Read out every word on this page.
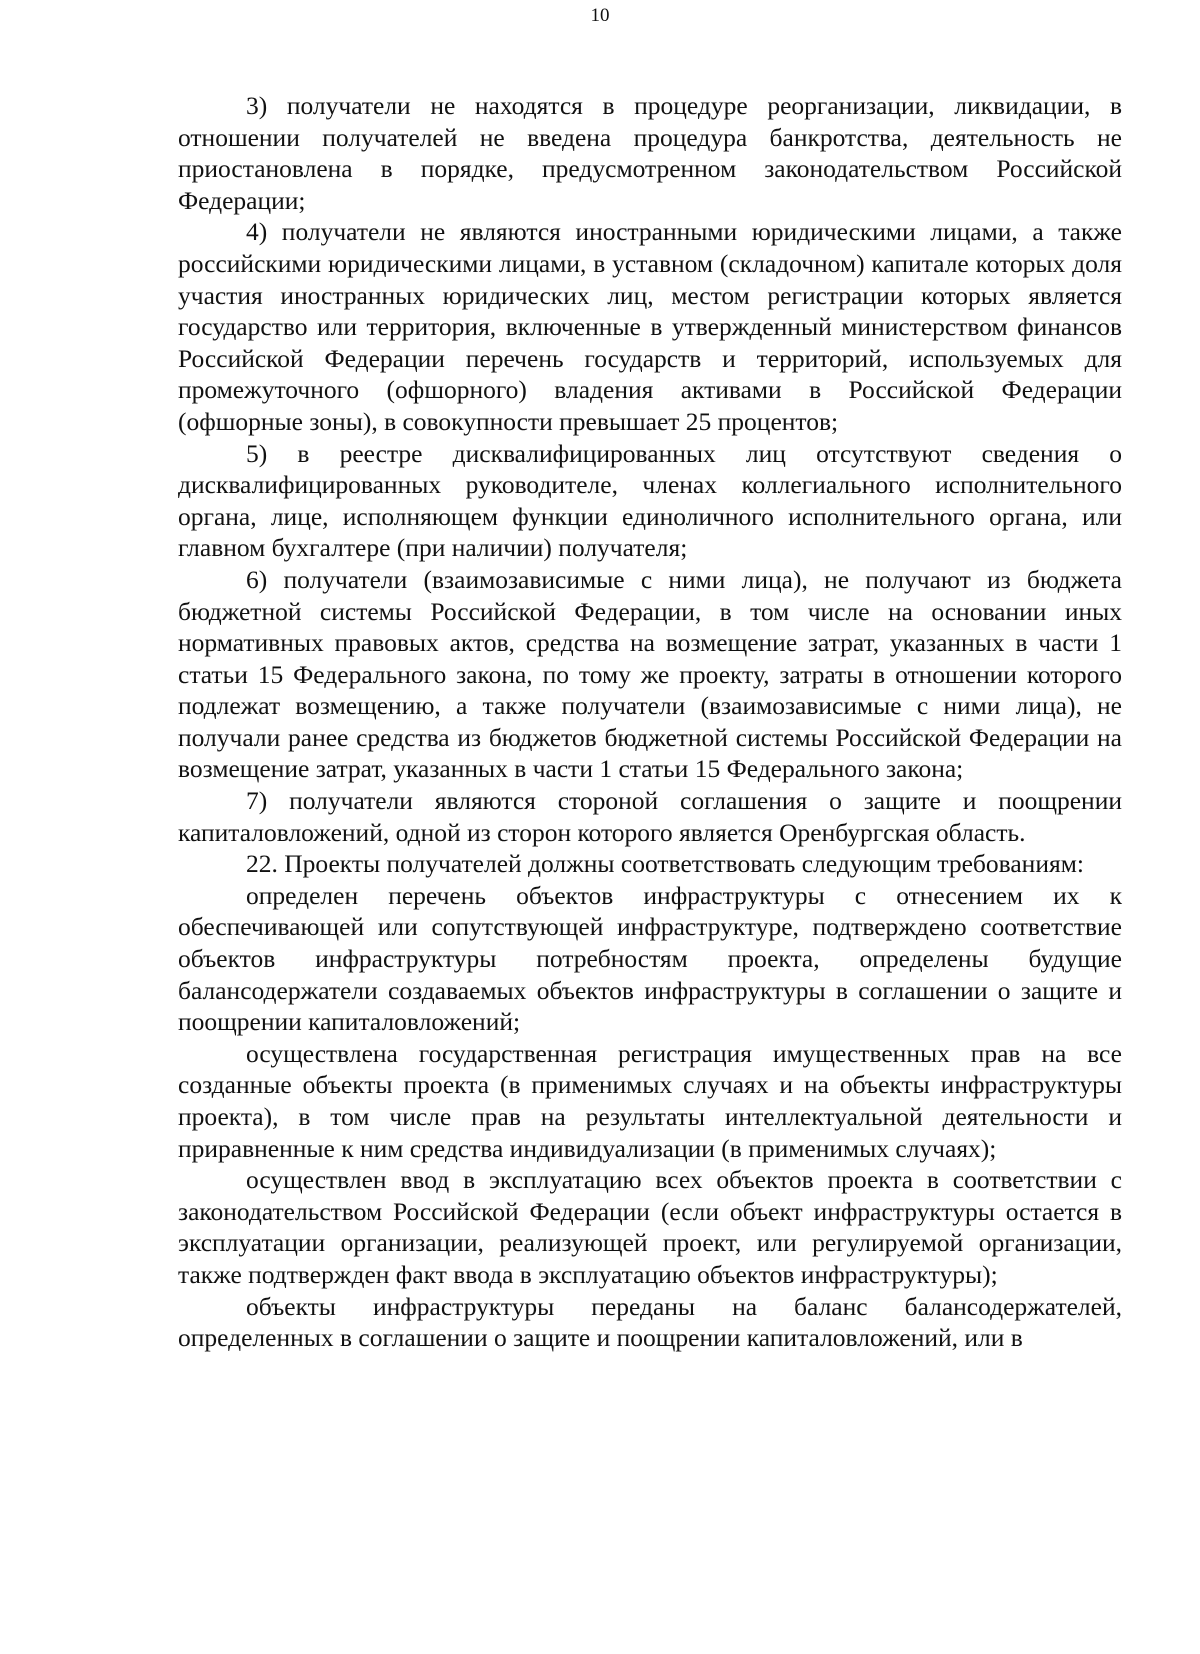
10

3) получатели не находятся в процедуре реорганизации, ликвидации, в отношении получателей не введена процедура банкротства, деятельность не приостановлена в порядке, предусмотренном законодательством Российской Федерации;

4) получатели не являются иностранными юридическими лицами, а также российскими юридическими лицами, в уставном (складочном) капитале которых доля участия иностранных юридических лиц, местом регистрации которых является государство или территория, включенные в утвержденный министерством финансов Российской Федерации перечень государств и территорий, используемых для промежуточного (офшорного) владения активами в Российской Федерации (офшорные зоны), в совокупности превышает 25 процентов;

5) в реестре дисквалифицированных лиц отсутствуют сведения о дисквалифицированных руководителе, членах коллегиального исполнительного органа, лице, исполняющем функции единоличного исполнительного органа, или главном бухгалтере (при наличии) получателя;

6) получатели (взаимозависимые с ними лица), не получают из бюджета бюджетной системы Российской Федерации, в том числе на основании иных нормативных правовых актов, средства на возмещение затрат, указанных в части 1 статьи 15 Федерального закона, по тому же проекту, затраты в отношении которого подлежат возмещению, а также получатели (взаимозависимые с ними лица), не получали ранее средства из бюджетов бюджетной системы Российской Федерации на возмещение затрат, указанных в части 1 статьи 15 Федерального закона;

7) получатели являются стороной соглашения о защите и поощрении капиталовложений, одной из сторон которого является Оренбургская область.

22. Проекты получателей должны соответствовать следующим требованиям:

определен перечень объектов инфраструктуры с отнесением их к обеспечивающей или сопутствующей инфраструктуре, подтверждено соответствие объектов инфраструктуры потребностям проекта, определены будущие балансодержатели создаваемых объектов инфраструктуры в соглашении о защите и поощрении капиталовложений;

осуществлена государственная регистрация имущественных прав на все созданные объекты проекта (в применимых случаях и на объекты инфраструктуры проекта), в том числе прав на результаты интеллектуальной деятельности и приравненные к ним средства индивидуализации (в применимых случаях);

осуществлен ввод в эксплуатацию всех объектов проекта в соответствии с законодательством Российской Федерации (если объект инфраструктуры остается в эксплуатации организации, реализующей проект, или регулируемой организации, также подтвержден факт ввода в эксплуатацию объектов инфраструктуры);

объекты инфраструктуры переданы на баланс балансодержателей, определенных в соглашении о защите и поощрении капиталовложений, или в
